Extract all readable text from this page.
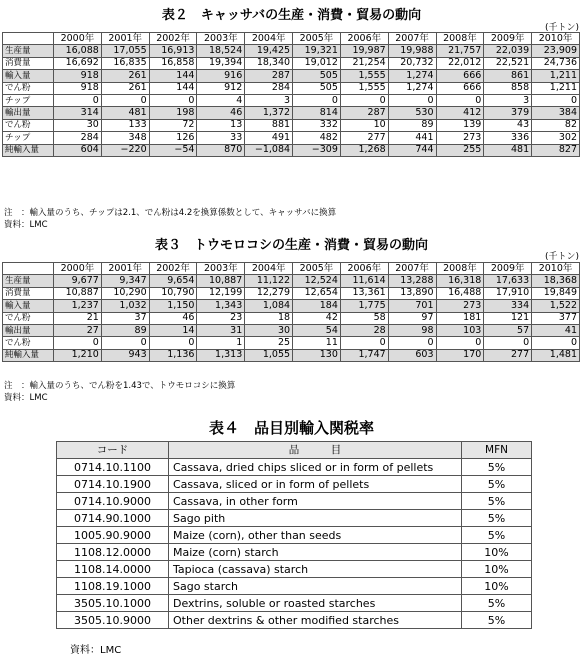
表２　キャッサバの生産・消費・貿易の動向
(千トン)
	2000年	2001年	2002年	2003年	2004年	2005年	2006年	2007年	2008年	2009年	2010年
生産量	16,088	17,055	16,913	18,524	19,425	19,321	19,987	19,988	21,757	22,039	23,909
消費量	16,692	16,835	16,858	19,394	18,340	19,012	21,254	20,732	22,012	22,521	24,736
輸入量	918	261	144	916	287	505	1,555	1,274	666	861	1,211
でん粉	918	261	144	912	284	505	1,555	1,274	666	858	1,211
チップ	0	0	0	4	3	0	0	0	0	3	0
輸出量	314	481	198	46	1,372	814	287	530	412	379	384
でん粉	30	133	72	13	881	332	10	89	139	43	82
チップ	284	348	126	33	491	482	277	441	273	336	302
純輸入量	604	−220	−54	870	−1,084	−309	1,268	744	255	481	827
注　：輸入量のうち、チップは2.1、でん粉は4.2を換算係数として、キャッサバに換算
資料：LMC
表３　トウモロコシの生産・消費・貿易の動向
(千トン)
	2000年	2001年	2002年	2003年	2004年	2005年	2006年	2007年	2008年	2009年	2010年
生産量	9,677	9,347	9,654	10,887	11,122	12,524	11,614	13,288	16,318	17,633	18,368
消費量	10,887	10,290	10,790	12,199	12,279	12,654	13,361	13,890	16,488	17,910	19,849
輸入量	1,237	1,032	1,150	1,343	1,084	184	1,775	701	273	334	1,522
でん粉	21	37	46	23	18	42	58	97	181	121	377
輸出量	27	89	14	31	30	54	28	98	103	57	41
でん粉	0	0	0	1	25	11	0	0	0	0	0
純輸入量	1,210	943	1,136	1,313	1,055	130	1,747	603	170	277	1,481
注　：輸入量のうち、でん粉を1.43で、トウモロコシに換算
資料：LMC
表４　品目別輸入関税率
コード	品　　　目	MFN
0714.10.1100	Cassava, dried chips sliced or in form of pellets	5%
0714.10.1900	Cassava, sliced or in form of pellets	5%
0714.10.9000	Cassava, in other form	5%
0714.90.1000	Sago pith	5%
1005.90.9000	Maize (corn), other than seeds	5%
1108.12.0000	Maize (corn) starch	10%
1108.14.0000	Tapioca (cassava) starch	10%
1108.19.1000	Sago starch	10%
3505.10.1000	Dextrins, soluble or roasted starches	5%
3505.10.9000	Other dextrins & other modified starches	5%
資料：LMC
